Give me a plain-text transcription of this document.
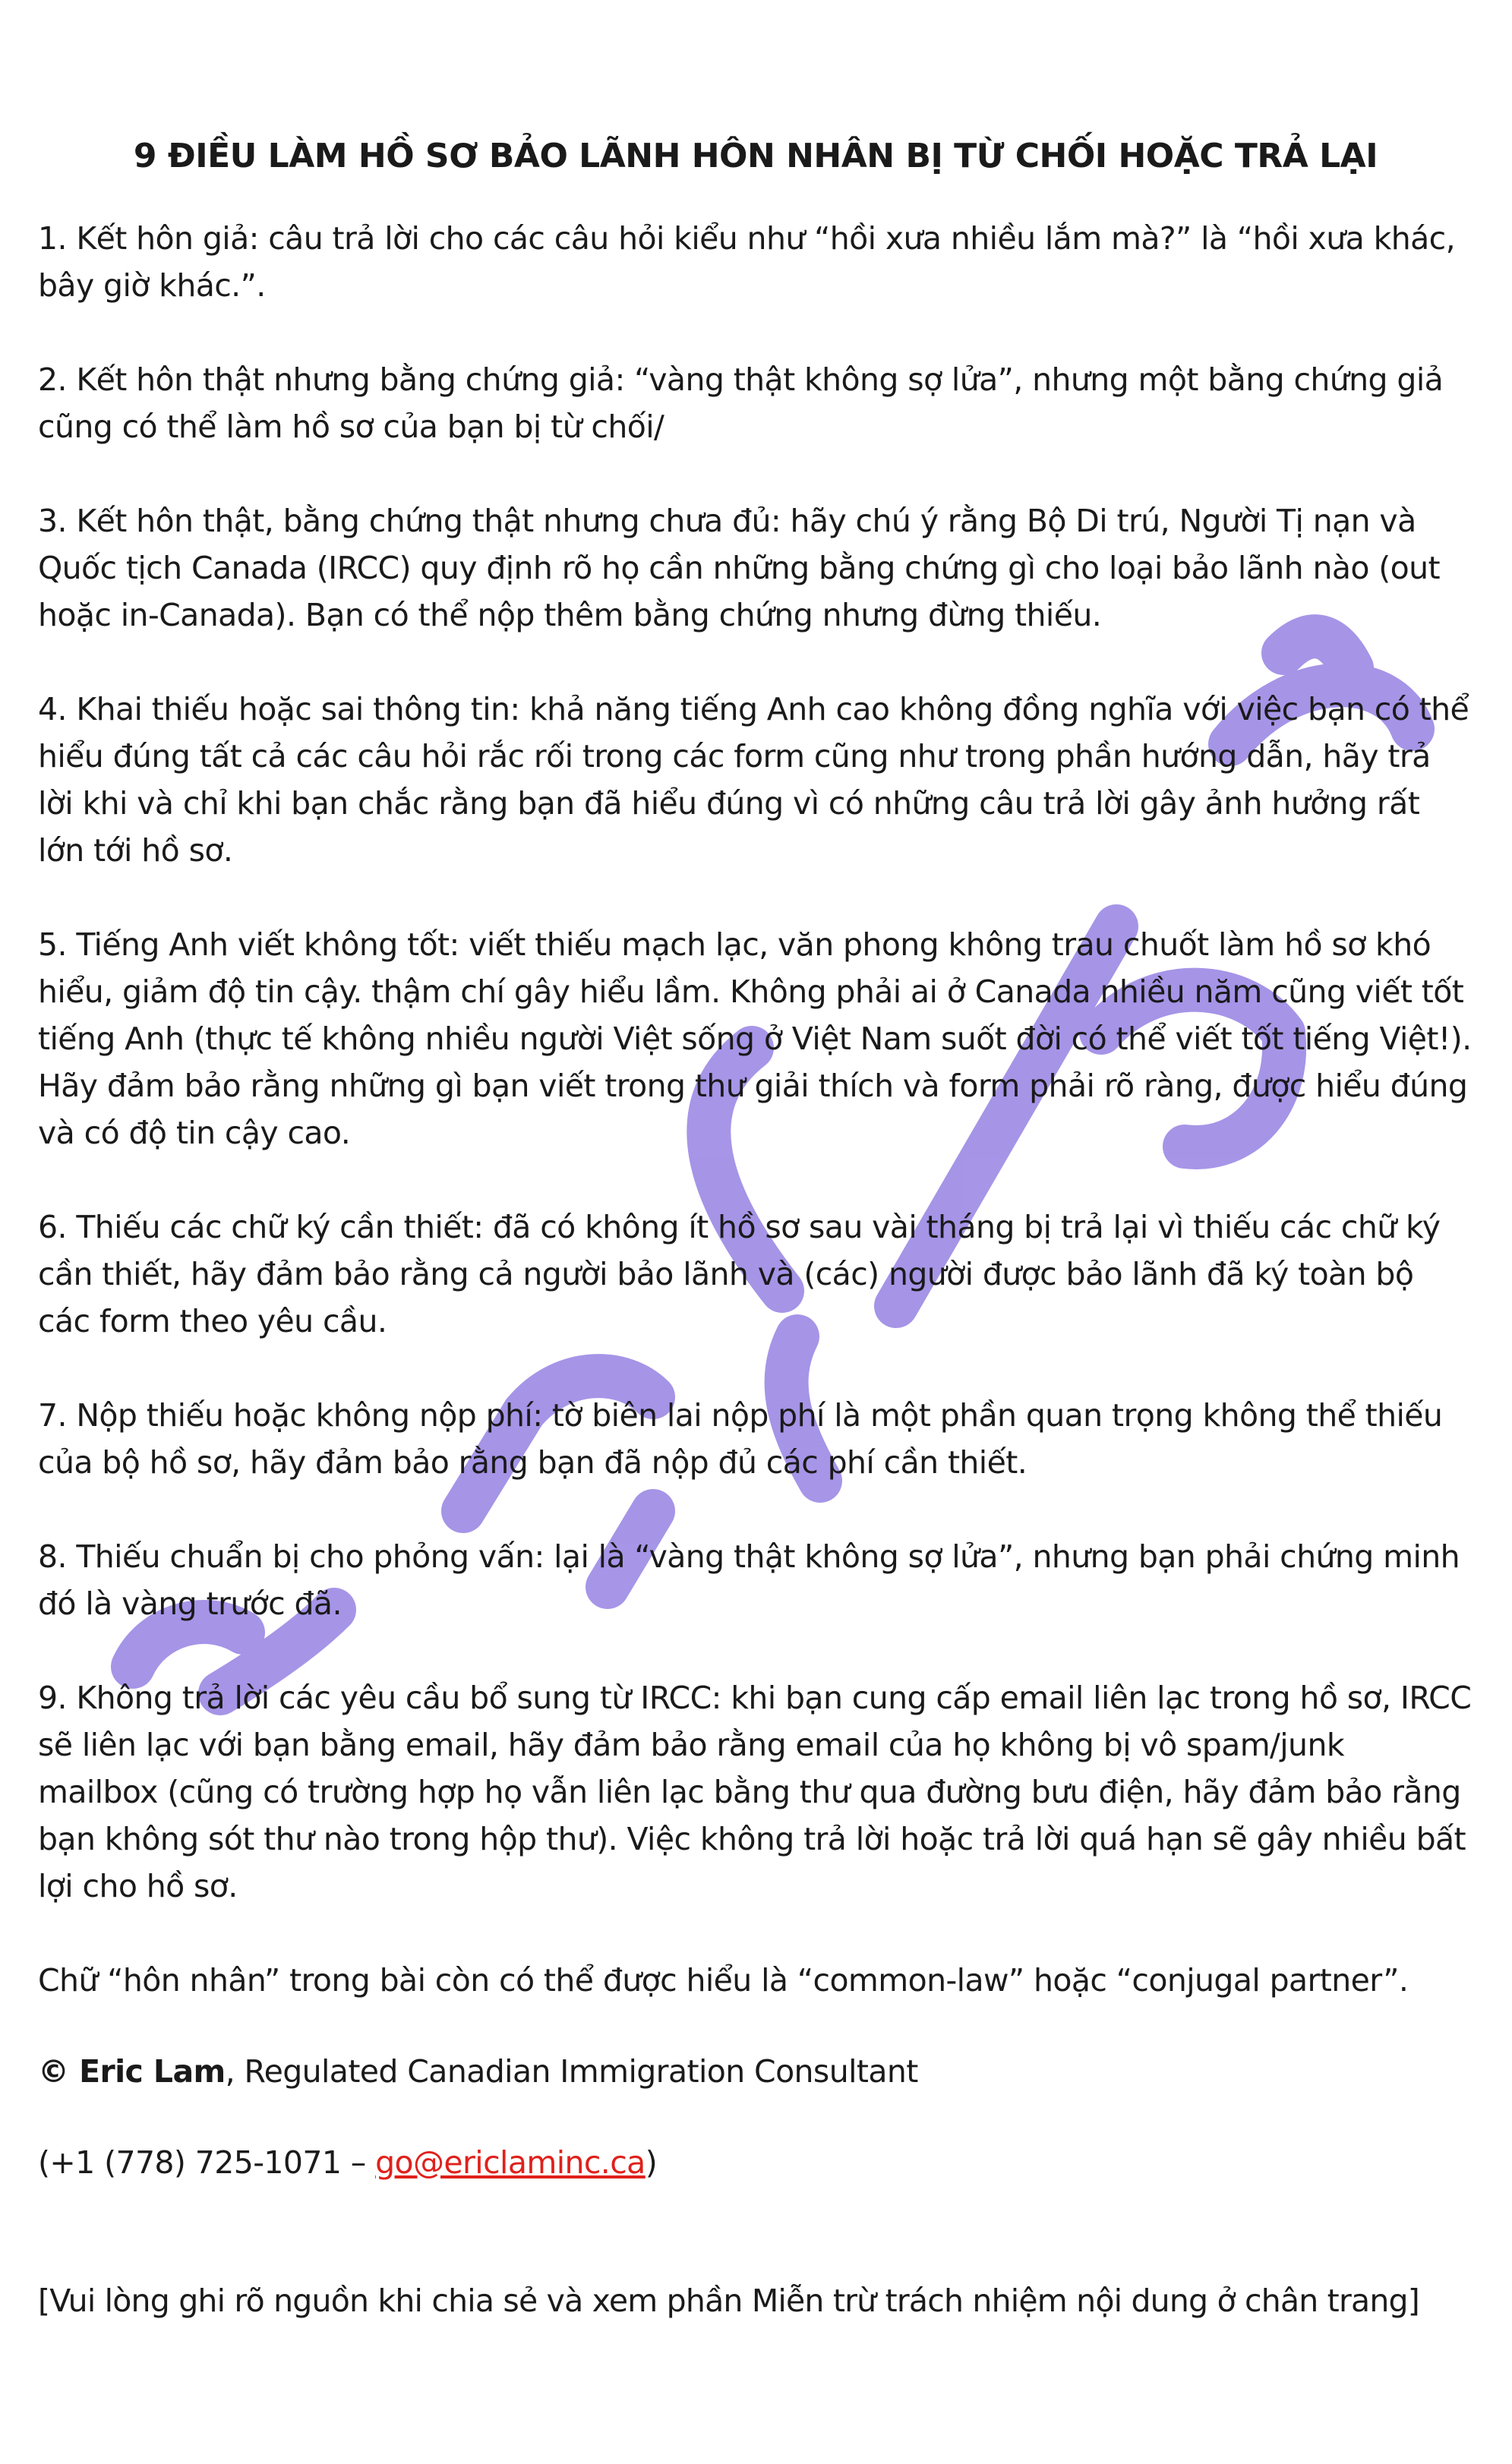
9 ĐIỀU LÀM HỒ SƠ BẢO LÃNH HÔN NHÂN BỊ TỪ CHỐI HOẶC TRẢ LẠI

1. Kết hôn giả: câu trả lời cho các câu hỏi kiểu như “hồi xưa nhiều lắm mà?” là “hồi xưa khác, bây giờ khác.”.

2. Kết hôn thật nhưng bằng chứng giả: “vàng thật không sợ lửa”, nhưng một bằng chứng giả cũng có thể làm hồ sơ của bạn bị từ chối/

3. Kết hôn thật, bằng chứng thật nhưng chưa đủ: hãy chú ý rằng Bộ Di trú, Người Tị nạn và Quốc tịch Canada (IRCC) quy định rõ họ cần những bằng chứng gì cho loại bảo lãnh nào (out hoặc in-Canada). Bạn có thể nộp thêm bằng chứng nhưng đừng thiếu.

4. Khai thiếu hoặc sai thông tin: khả năng tiếng Anh cao không đồng nghĩa với việc bạn có thể hiểu đúng tất cả các câu hỏi rắc rối trong các form cũng như trong phần hướng dẫn, hãy trả lời khi và chỉ khi bạn chắc rằng bạn đã hiểu đúng vì có những câu trả lời gây ảnh hưởng rất lớn tới hồ sơ.

5. Tiếng Anh viết không tốt: viết thiếu mạch lạc, văn phong không trau chuốt làm hồ sơ khó hiểu, giảm độ tin cậy. thậm chí gây hiểu lầm. Không phải ai ở Canada nhiều năm cũng viết tốt tiếng Anh (thực tế không nhiều người Việt sống ở Việt Nam suốt đời có thể viết tốt tiếng Việt!). Hãy đảm bảo rằng những gì bạn viết trong thư giải thích và form phải rõ ràng, được hiểu đúng và có độ tin cậy cao.

6. Thiếu các chữ ký cần thiết: đã có không ít hồ sơ sau vài tháng bị trả lại vì thiếu các chữ ký cần thiết, hãy đảm bảo rằng cả người bảo lãnh và (các) người được bảo lãnh đã ký toàn bộ các form theo yêu cầu.

7. Nộp thiếu hoặc không nộp phí: tờ biên lai nộp phí là một phần quan trọng không thể thiếu của bộ hồ sơ, hãy đảm bảo rằng bạn đã nộp đủ các phí cần thiết.

8. Thiếu chuẩn bị cho phỏng vấn: lại là “vàng thật không sợ lửa”, nhưng bạn phải chứng minh đó là vàng trước đã.

9. Không trả lời các yêu cầu bổ sung từ IRCC: khi bạn cung cấp email liên lạc trong hồ sơ, IRCC sẽ liên lạc với bạn bằng email, hãy đảm bảo rằng email của họ không bị vô spam/junk mailbox (cũng có trường hợp họ vẫn liên lạc bằng thư qua đường bưu điện, hãy đảm bảo rằng bạn không sót thư nào trong hộp thư). Việc không trả lời hoặc trả lời quá hạn sẽ gây nhiều bất lợi cho hồ sơ.

Chữ “hôn nhân” trong bài còn có thể được hiểu là “common-law” hoặc “conjugal partner”.

© Eric Lam, Regulated Canadian Immigration Consultant

(+1 (778) 725-1071 – go@ericlaminc.ca)

[Vui lòng ghi rõ nguồn khi chia sẻ và xem phần Miễn trừ trách nhiệm nội dung ở chân trang]
